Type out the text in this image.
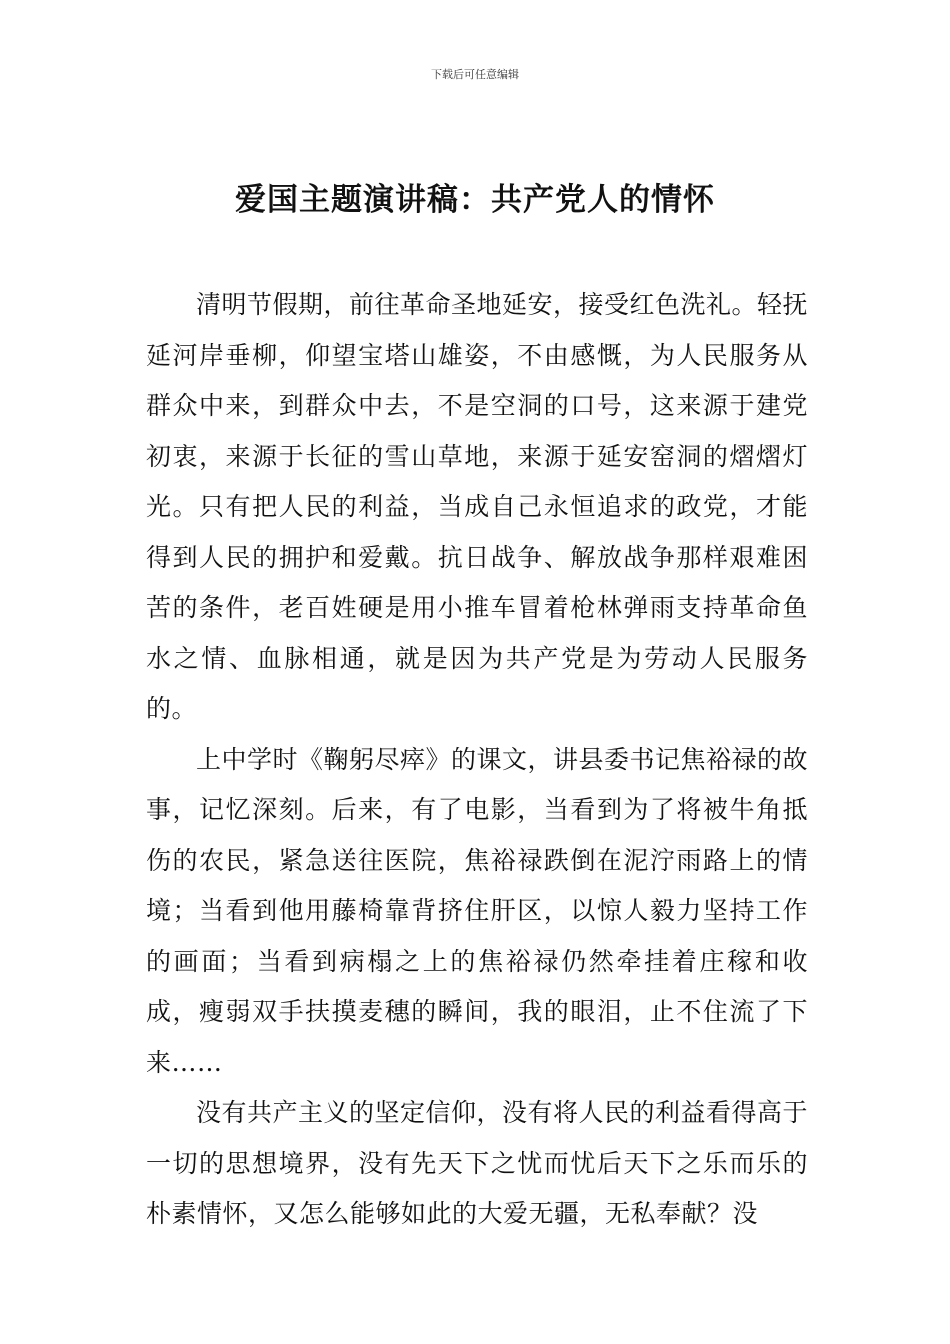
下载后可任意编辑
爱国主题演讲稿：共产党人的情怀

清明节假期，前往革命圣地延安，接受红色洗礼。轻抚延河岸垂柳，仰望宝塔山雄姿，不由感慨，为人民服务从群众中来，到群众中去，不是空洞的口号，这来源于建党初衷，来源于长征的雪山草地，来源于延安窑洞的熠熠灯光。只有把人民的利益，当成自己永恒追求的政党，才能得到人民的拥护和爱戴。抗日战争、解放战争那样艰难困苦的条件，老百姓硬是用小推车冒着枪林弹雨支持革命鱼水之情、血脉相通，就是因为共产党是为劳动人民服务的。

上中学时《鞠躬尽瘁》的课文，讲县委书记焦裕禄的故事，记忆深刻。后来，有了电影，当看到为了将被牛角抵伤的农民，紧急送往医院，焦裕禄跌倒在泥泞雨路上的情境；当看到他用藤椅靠背挤住肝区，以惊人毅力坚持工作的画面；当看到病榻之上的焦裕禄仍然牵挂着庄稼和收成，瘦弱双手扶摸麦穗的瞬间，我的眼泪，止不住流了下来……

没有共产主义的坚定信仰，没有将人民的利益看得高于一切的思想境界，没有先天下之忧而忧后天下之乐而乐的朴素情怀，又怎么能够如此的大爱无疆，无私奉献？没
